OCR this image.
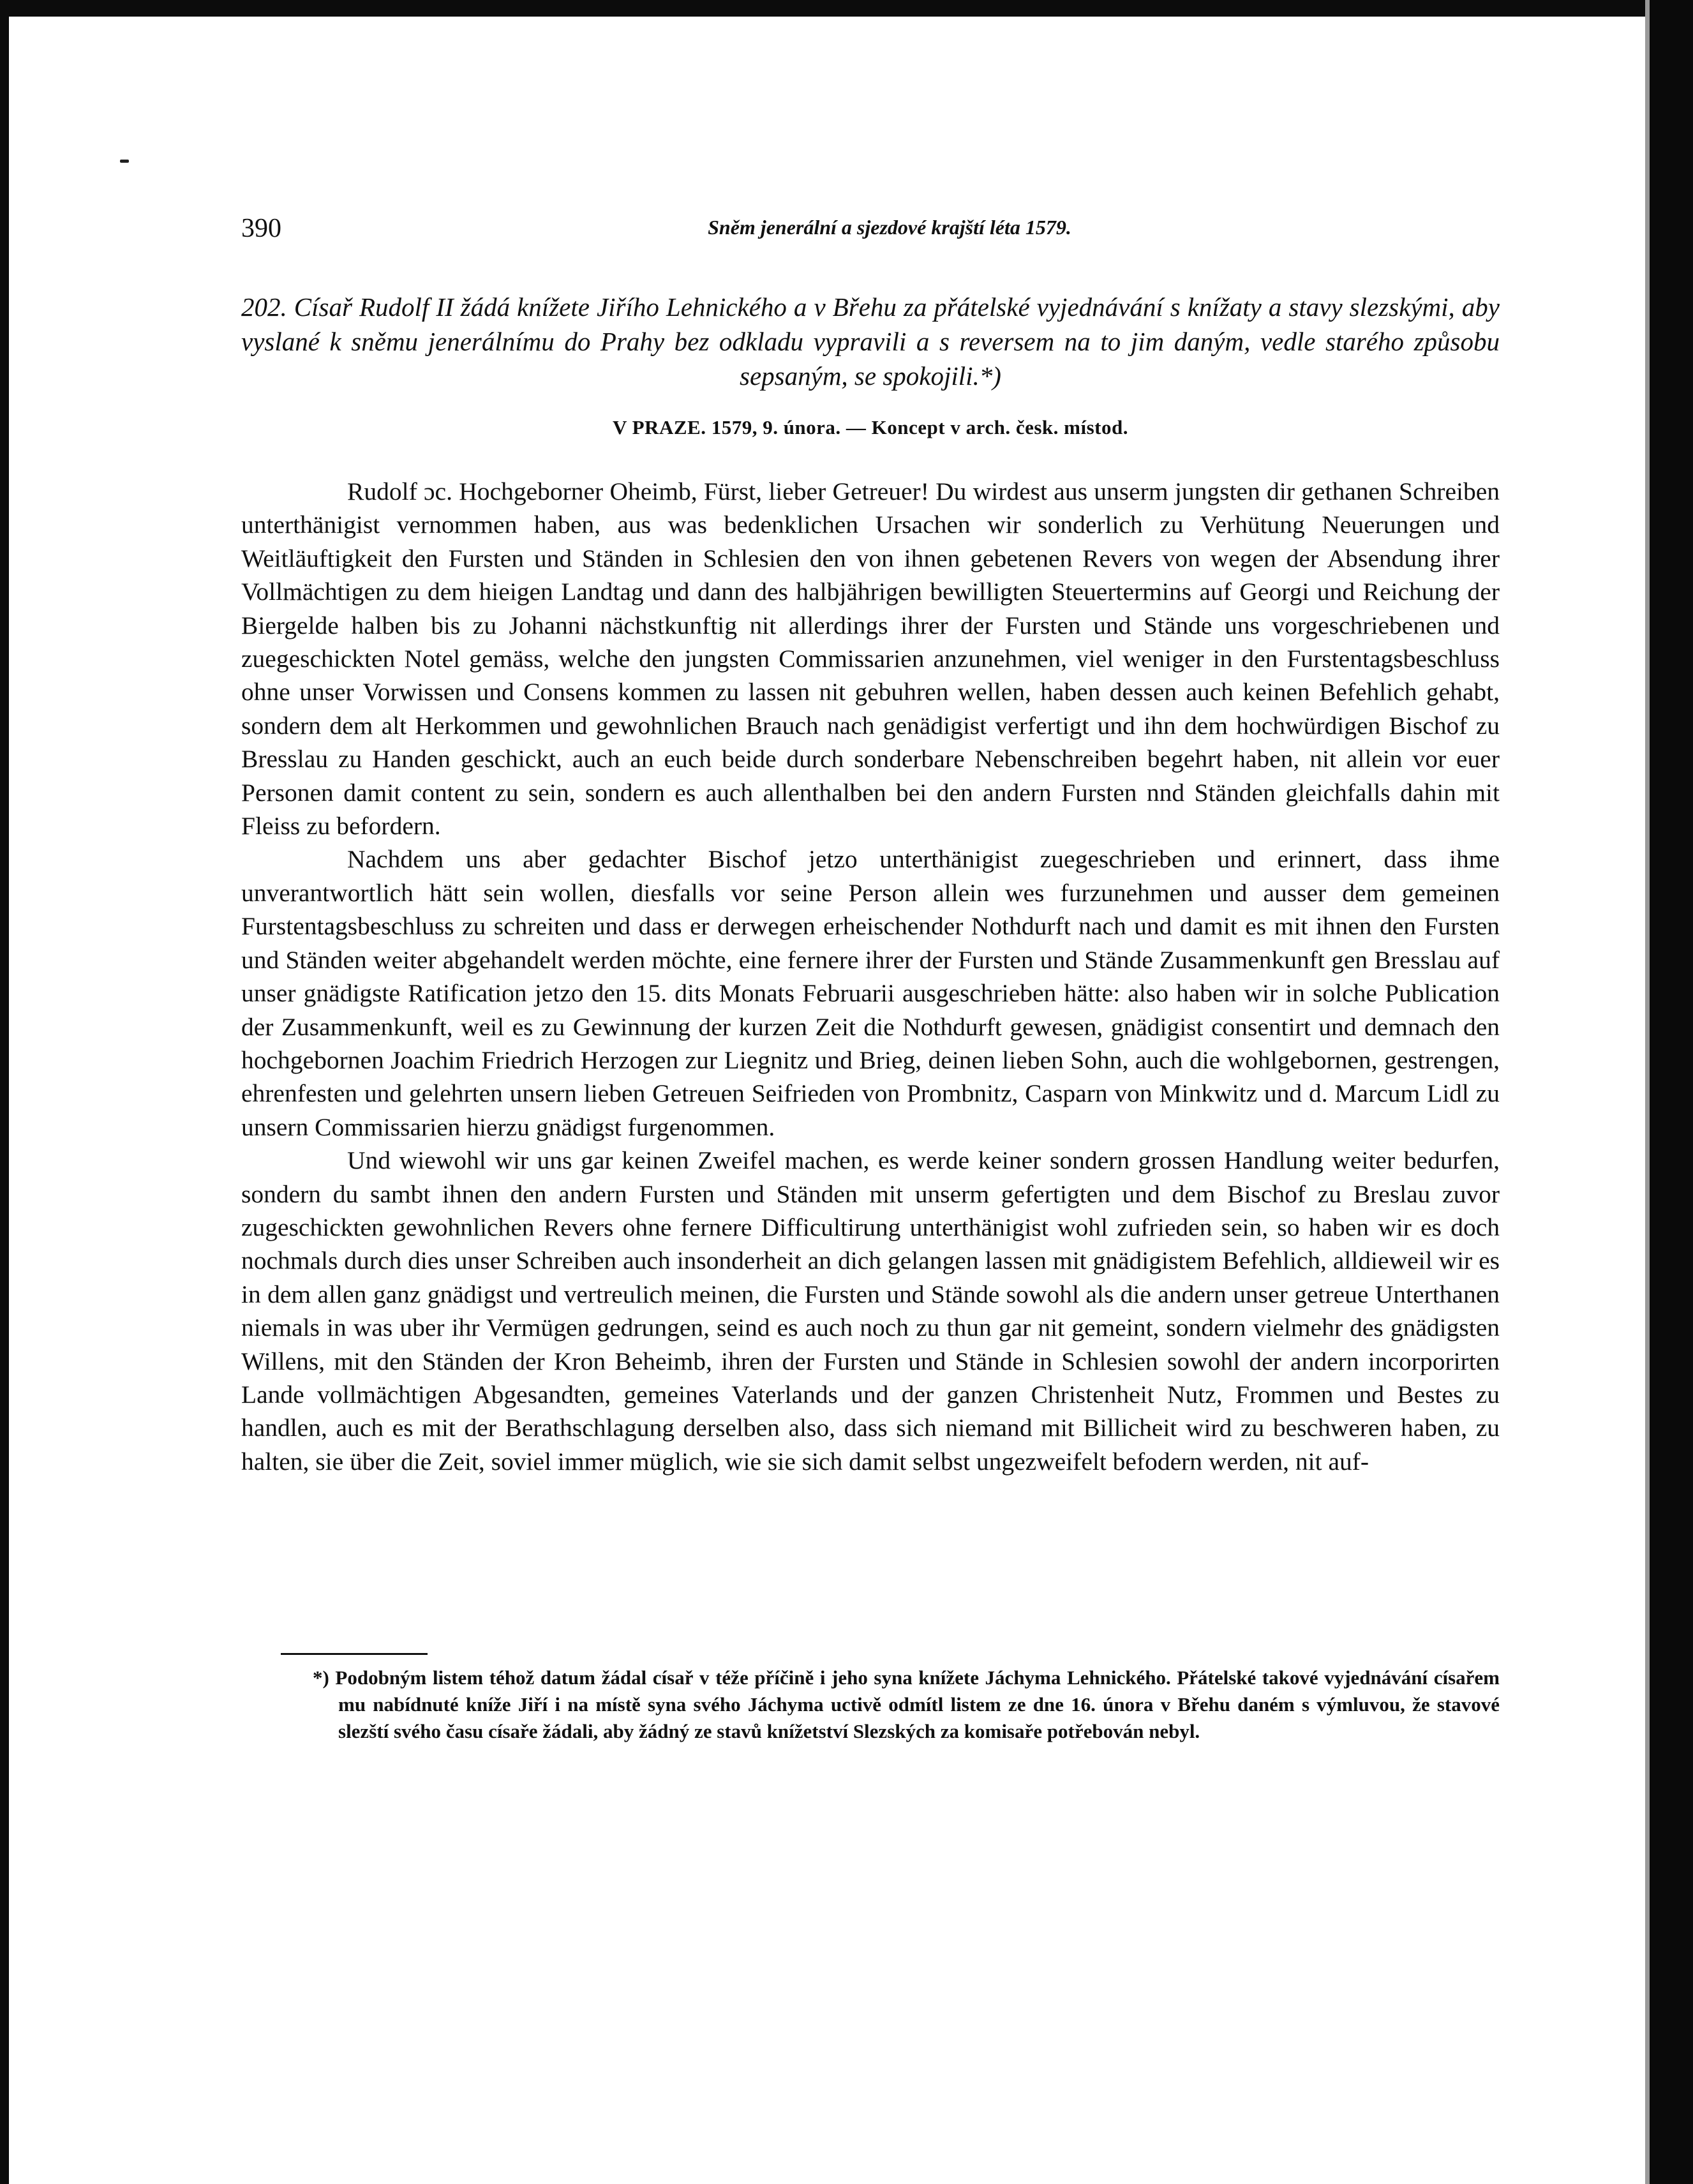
390	Sněm jenerální a sjezdové krajští léta 1579.
202. Císař Rudolf II žádá knížete Jiřího Lehnického a v Břehu za přátelské vyjednávání s knížaty a stavy slezskými, aby vyslané k sněmu jenerálnímu do Prahy bez odkladu vypravili a s reversem na to jim daným, vedle starého způsobu sepsaným, se spokojili.*)
V PRAZE. 1579, 9. února. — Koncept v arch. česk. místod.

Rudolf ɔc. Hochgeborner Oheimb, Fürst, lieber Getreuer! Du wirdest aus unserm jungsten dir gethanen Schreiben unterthänigist vernommen haben, aus was bedenklichen Ursachen wir sonderlich zu Verhütung Neuerungen und Weitläuftigkeit den Fursten und Ständen in Schlesien den von ihnen gebetenen Revers von wegen der Absendung ihrer Vollmächtigen zu dem hieigen Landtag und dann des halbjährigen bewilligten Steuertermins auf Georgi und Reichung der Biergelde halben bis zu Johanni nächstkunftig nit allerdings ihrer der Fursten und Stände uns vorgeschriebenen und zuegeschickten Notel gemäss, welche den jungsten Commissarien anzunehmen, viel weniger in den Furstentagsbeschluss ohne unser Vorwissen und Consens kommen zu lassen nit gebuhren wellen, haben dessen auch keinen Befehlich gehabt, sondern dem alt Herkommen und gewohnlichen Brauch nach genädigist verfertigt und ihn dem hochwürdigen Bischof zu Bresslau zu Handen geschickt, auch an euch beide durch sonderbare Nebenschreiben begehrt haben, nit allein vor euer Personen damit content zu sein, sondern es auch allenthalben bei den andern Fursten nnd Ständen gleichfalls dahin mit Fleiss zu befordern.

Nachdem uns aber gedachter Bischof jetzo unterthänigist zuegeschrieben und erinnert, dass ihme unverantwortlich hätt sein wollen, diesfalls vor seine Person allein wes furzunehmen und ausser dem gemeinen Furstentagsbeschluss zu schreiten und dass er derwegen erheischender Nothdurft nach und damit es mit ihnen den Fursten und Ständen weiter abgehandelt werden möchte, eine fernere ihrer der Fursten und Stände Zusammenkunft gen Bresslau auf unser gnädigste Ratification jetzo den 15. dits Monats Februarii ausgeschrieben hätte: also haben wir in solche Publication der Zusammenkunft, weil es zu Gewinnung der kurzen Zeit die Nothdurft gewesen, gnädigist consentirt und demnach den hochgebornen Joachim Friedrich Herzogen zur Liegnitz und Brieg, deinen lieben Sohn, auch die wohlgebornen, gestrengen, ehrenfesten und gelehrten unsern lieben Getreuen Seifrieden von Prombnitz, Casparn von Minkwitz und d. Marcum Lidl zu unsern Commissarien hierzu gnädigst furgenommen.

Und wiewohl wir uns gar keinen Zweifel machen, es werde keiner sondern grossen Handlung weiter bedurfen, sondern du sambt ihnen den andern Fursten und Ständen mit unserm gefertigten und dem Bischof zu Breslau zuvor zugeschickten gewohnlichen Revers ohne fernere Difficultirung unterthänigist wohl zufrieden sein, so haben wir es doch nochmals durch dies unser Schreiben auch insonderheit an dich gelangen lassen mit gnädigistem Befehlich, alldieweil wir es in dem allen ganz gnädigst und vertreulich meinen, die Fursten und Stände sowohl als die andern unser getreue Unterthanen niemals in was uber ihr Vermügen gedrungen, seind es auch noch zu thun gar nit gemeint, sondern vielmehr des gnädigsten Willens, mit den Ständen der Kron Beheimb, ihren der Fursten und Stände in Schlesien sowohl der andern incorporirten Lande vollmächtigen Abgesandten, gemeines Vaterlands und der ganzen Christenheit Nutz, Frommen und Bestes zu handlen, auch es mit der Berathschlagung derselben also, dass sich niemand mit Billicheit wird zu beschweren haben, zu halten, sie über die Zeit, soviel immer müglich, wie sie sich damit selbst ungezweifelt befodern werden, nit auf-

*) Podobným listem téhož datum žádal císař v téže příčině i jeho syna knížete Jáchyma Lehnického. Přátelské takové vyjednávání císařem mu nabídnuté kníže Jiří i na místě syna svého Jáchyma uctivě odmítl listem ze dne 16. února v Břehu daném s výmluvou, že stavové slezští svého času císaře žádali, aby žádný ze stavů knížetství Slezských za komisaře potřebován nebyl.
